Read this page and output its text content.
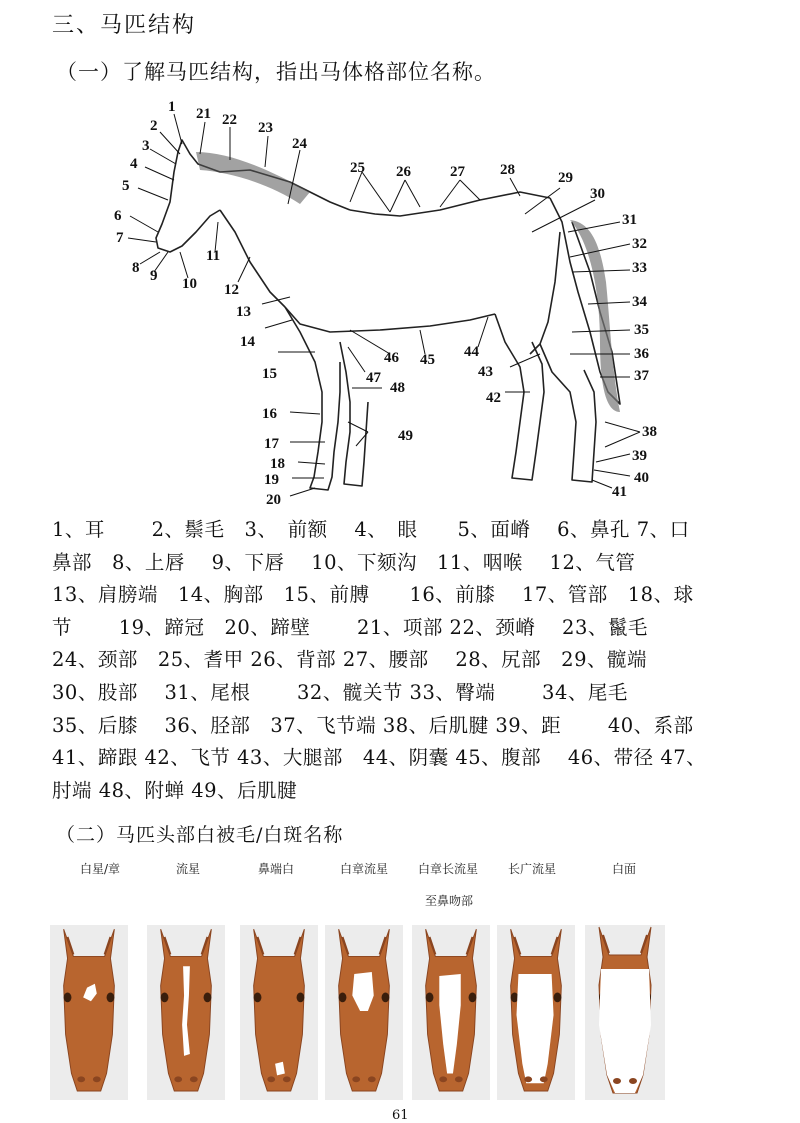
三、马匹结构
（一）了解马匹结构，指出马体格部位名称。
1
2
3
4
5
6
7
8 9 10
11
12
13
14
15
16
17
18
19
20
21 22 23
24
25 26	27 28	29
30
31
32
33
34
35
36
37
38
39
40
41
42
43
44
45
46
47
48
49
1、耳　　 2、鬃毛　3、　前额　 4、　眼　　5、面嵴　 6、鼻孔 7、口
鼻部　8、上唇　 9、下唇　 10、下颏沟　11、咽喉　 12、气管
13、肩膀端　14、胸部　15、前膊　　16、前膝　 17、管部　18、球
节　　 19、蹄冠　20、蹄壁　　 21、项部 22、颈嵴　 23、鬣毛
24、颈部　25、耆甲 26、背部 27、腰部　 28、尻部　29、髋端
30、股部　 31、尾根　　 32、髋关节 33、臀端　　 34、尾毛
35、后膝　 36、胫部　37、飞节端 38、后肌腱 39、距　　 40、系部
41、蹄跟 42、飞节 43、大腿部　44、阴囊 45、腹部　 46、带径 47、
肘端 48、附蝉 49、后肌腱
（二）马匹头部白被毛/白斑名称
白星/章	流星	鼻端白	白章流星 白章长流星 长广流星	白面
至鼻吻部
61
